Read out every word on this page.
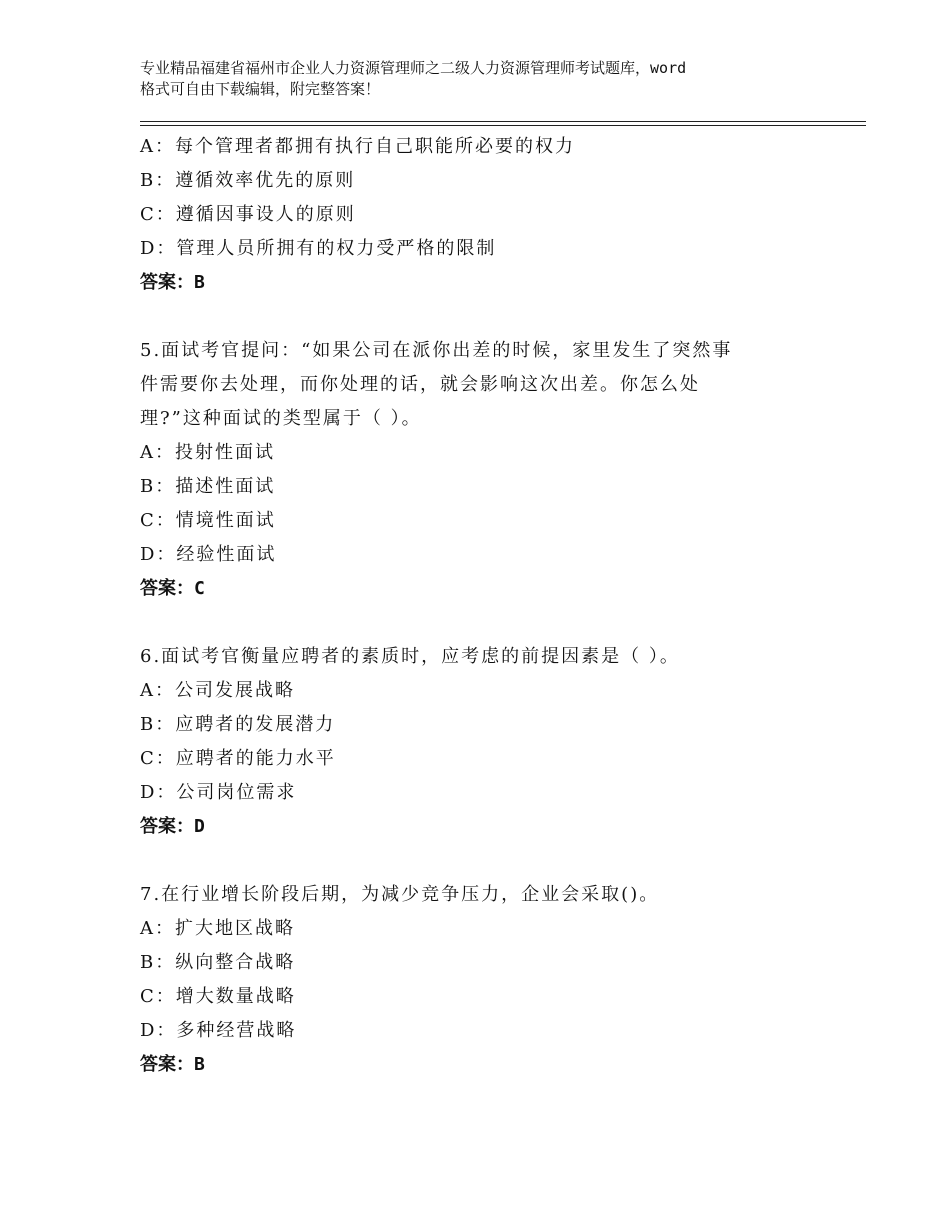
专业精品福建省福州市企业人力资源管理师之二级人力资源管理师考试题库，word
格式可自由下载编辑，附完整答案！
A：每个管理者都拥有执行自己职能所必要的权力
B：遵循效率优先的原则
C：遵循因事设人的原则
D：管理人员所拥有的权力受严格的限制
答案：B
5.面试考官提问：“如果公司在派你出差的时候，家里发生了突然事
件需要你去处理，而你处理的话，就会影响这次出差。你怎么处
理?”这种面试的类型属于（ ）。
A：投射性面试
B：描述性面试
C：情境性面试
D：经验性面试
答案：C
6.面试考官衡量应聘者的素质时，应考虑的前提因素是（ ）。
A：公司发展战略
B：应聘者的发展潜力
C：应聘者的能力水平
D：公司岗位需求
答案：D
7.在行业增长阶段后期，为减少竞争压力，企业会采取()。
A：扩大地区战略
B：纵向整合战略
C：增大数量战略
D：多种经营战略
答案：B
